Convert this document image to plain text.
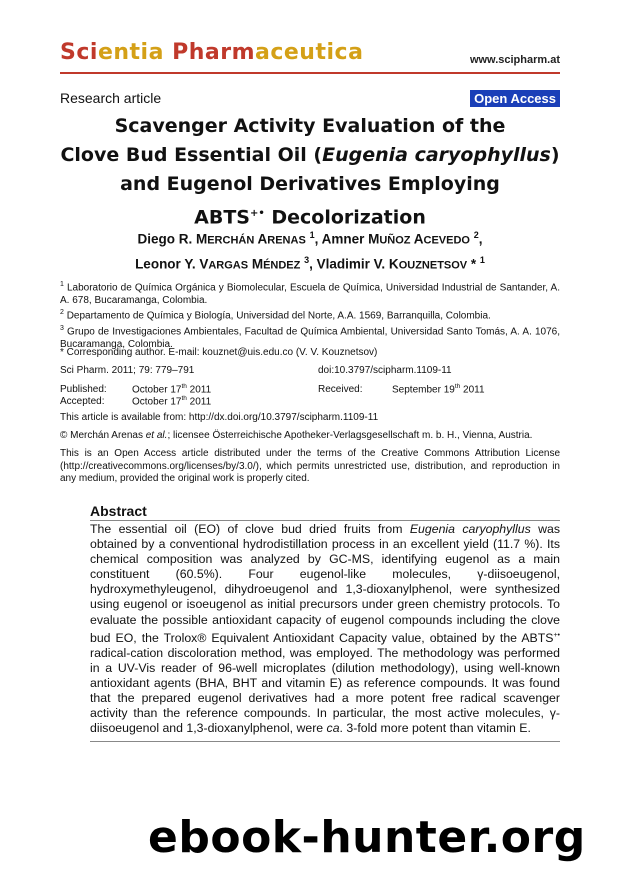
Scientia Pharmaceutica	www.scipharm.at
Research article	Open Access
Scavenger Activity Evaluation of the
Clove Bud Essential Oil (Eugenia caryophyllus)
and Eugenol Derivatives Employing
ABTS+• Decolorization
Diego R. MERCHÁN ARENAS $^1$, Amner MUÑOZ ACEVEDO $^2$,
Leonor Y. VARGAS MÉNDEZ $^3$, Vladimir V. KOUZNETSOV * $^1$
$^1$ Laboratorio de Química Orgánica y Biomolecular, Escuela de Química, Universidad Industrial de Santander, A. A. 678, Bucaramanga, Colombia.
$^2$ Departamento de Química y Biología, Universidad del Norte, A.A. 1569, Barranquilla, Colombia.
$^3$ Grupo de Investigaciones Ambientales, Facultad de Química Ambiental, Universidad Santo Tomás, A. A. 1076, Bucaramanga, Colombia.
* Corresponding author. E-mail: kouznet@uis.edu.co (V. V. Kouznetsov)
Sci Pharm. 2011; 79: 779–791	doi:10.3797/scipharm.1109-11
Published:	October 17th 2011
Accepted:	October 17th 2011
Received:	September 19th 2011
This article is available from: http://dx.doi.org/10.3797/scipharm.1109-11
© Merchán Arenas et al.; licensee Österreichische Apotheker-Verlagsgesellschaft m. b. H., Vienna, Austria.
This is an Open Access article distributed under the terms of the Creative Commons Attribution License (http://creativecommons.org/licenses/by/3.0/), which permits unrestricted use, distribution, and reproduction in any medium, provided the original work is properly cited.
Abstract
The essential oil (EO) of clove bud dried fruits from Eugenia caryophyllus was obtained by a conventional hydrodistillation process in an excellent yield (11.7 %). Its chemical composition was analyzed by GC-MS, identifying eugenol as a main constituent (60.5%). Four eugenol-like molecules, γ-diisoeugenol, hydroxymethyleugenol, dihydroeugenol and 1,3-dioxanylphenol, were synthesized using eugenol or isoeugenol as initial precursors under green chemistry protocols. To evaluate the possible antioxidant capacity of eugenol compounds including the clove bud EO, the Trolox® Equivalent Antioxidant Capacity value, obtained by the ABTS+• radical-cation discoloration method, was employed. The methodology was performed in a UV-Vis reader of 96-well microplates (dilution methodology), using well-known antioxidant agents (BHA, BHT and vitamin E) as reference compounds. It was found that the prepared eugenol derivatives had a more potent free radical scavenger activity than the reference compounds. In particular, the most active molecules, γ-diisoeugenol and 1,3-dioxanylphenol, were ca. 3-fold more potent than vitamin E.
ebook-hunter.org
